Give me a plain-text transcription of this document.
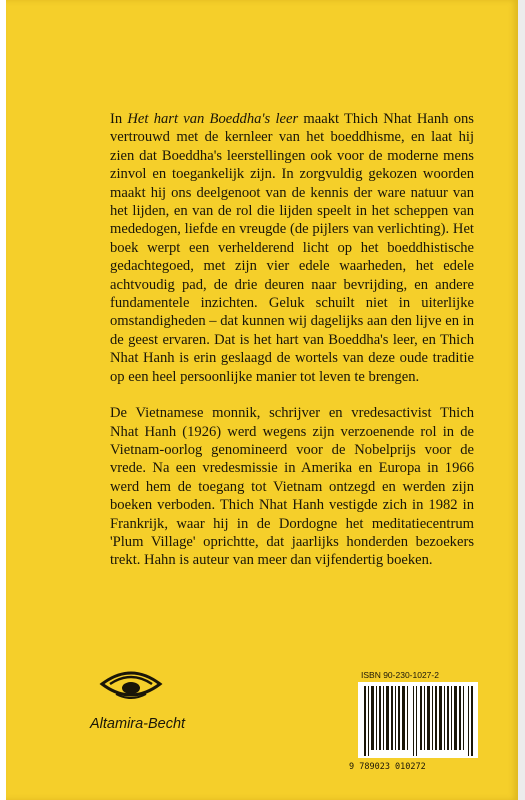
In Het hart van Boeddha's leer maakt Thich Nhat Hanh ons vertrouwd met de kernleer van het boeddhisme, en laat hij zien dat Boeddha's leerstellingen ook voor de moderne mens zinvol en toegankelijk zijn. In zorgvuldig gekozen woorden maakt hij ons deelgenoot van de kennis der ware natuur van het lijden, en van de rol die lijden speelt in het scheppen van mededogen, liefde en vreugde (de pijlers van verlichting). Het boek werpt een verhelderend licht op het boeddhistische gedachtegoed, met zijn vier edele waarheden, het edele achtvoudig pad, de drie deuren naar bevrijding, en andere fundamentele inzichten. Geluk schuilt niet in uiterlijke omstandigheden – dat kunnen wij dagelijks aan den lijve en in de geest ervaren. Dat is het hart van Boeddha's leer, en Thich Nhat Hanh is erin geslaagd de wortels van deze oude traditie op een heel persoonlijke manier tot leven te brengen.

De Vietnamese monnik, schrijver en vredesactivist Thich Nhat Hanh (1926) werd wegens zijn verzoenende rol in de Vietnam-oorlog genomineerd voor de Nobelprijs voor de vrede. Na een vredesmissie in Amerika en Europa in 1966 werd hem de toegang tot Vietnam ontzegd en werden zijn boeken verboden. Thich Nhat Hanh vestigde zich in 1982 in Frankrijk, waar hij in de Dordogne het meditatiecentrum 'Plum Village' oprichtte, dat jaarlijks honderden bezoekers trekt. Hahn is auteur van meer dan vijfendertig boeken.

Altamira-Becht
ISBN 90-230-1027-2
9 789023 010272
